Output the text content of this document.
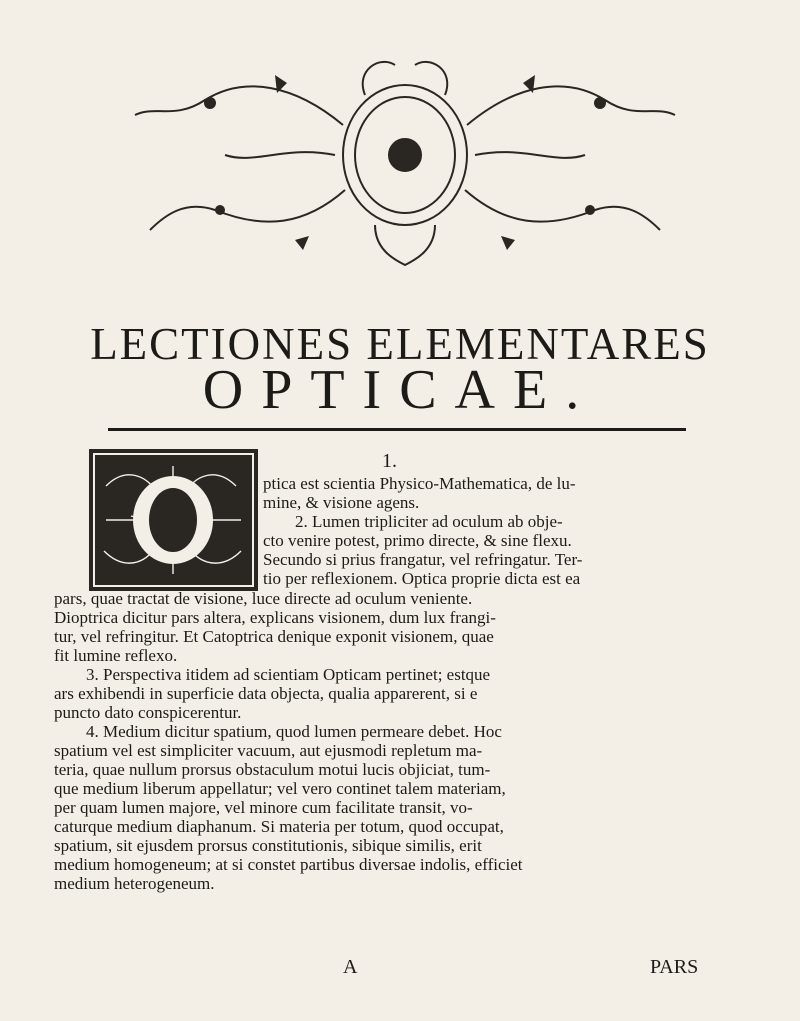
LECTIONES ELEMENTARES
OPTICAE.
1.
ptica est scientia Physico-Mathematica, de lu-
mine, & visione agens.
2. Lumen tripliciter ad oculum ab obje-
cto venire potest, primo directe, & sine flexu.
Secundo si prius frangatur, vel refringatur. Ter-
tio per reflexionem. Optica proprie dicta est ea
pars, quae tractat de visione, luce directe ad oculum veniente.
Dioptrica dicitur pars altera, explicans visionem, dum lux frangi-
tur, vel refringitur. Et Catoptrica denique exponit visionem, quae
fit lumine reflexo.
3. Perspectiva itidem ad scientiam Opticam pertinet; estque
ars exhibendi in superficie data objecta, qualia apparerent, si e
puncto dato conspicerentur.
4. Medium dicitur spatium, quod lumen permeare debet. Hoc
spatium vel est simpliciter vacuum, aut ejusmodi repletum ma-
teria, quae nullum prorsus obstaculum motui lucis objiciat, tum-
que medium liberum appellatur; vel vero continet talem materiam,
per quam lumen majore, vel minore cum facilitate transit, vo-
caturque medium diaphanum. Si materia per totum, quod occupat,
spatium, sit ejusdem prorsus constitutionis, sibique similis, erit
medium homogeneum; at si constet partibus diversae indolis, efficiet
medium heterogeneum.
A	PARS
